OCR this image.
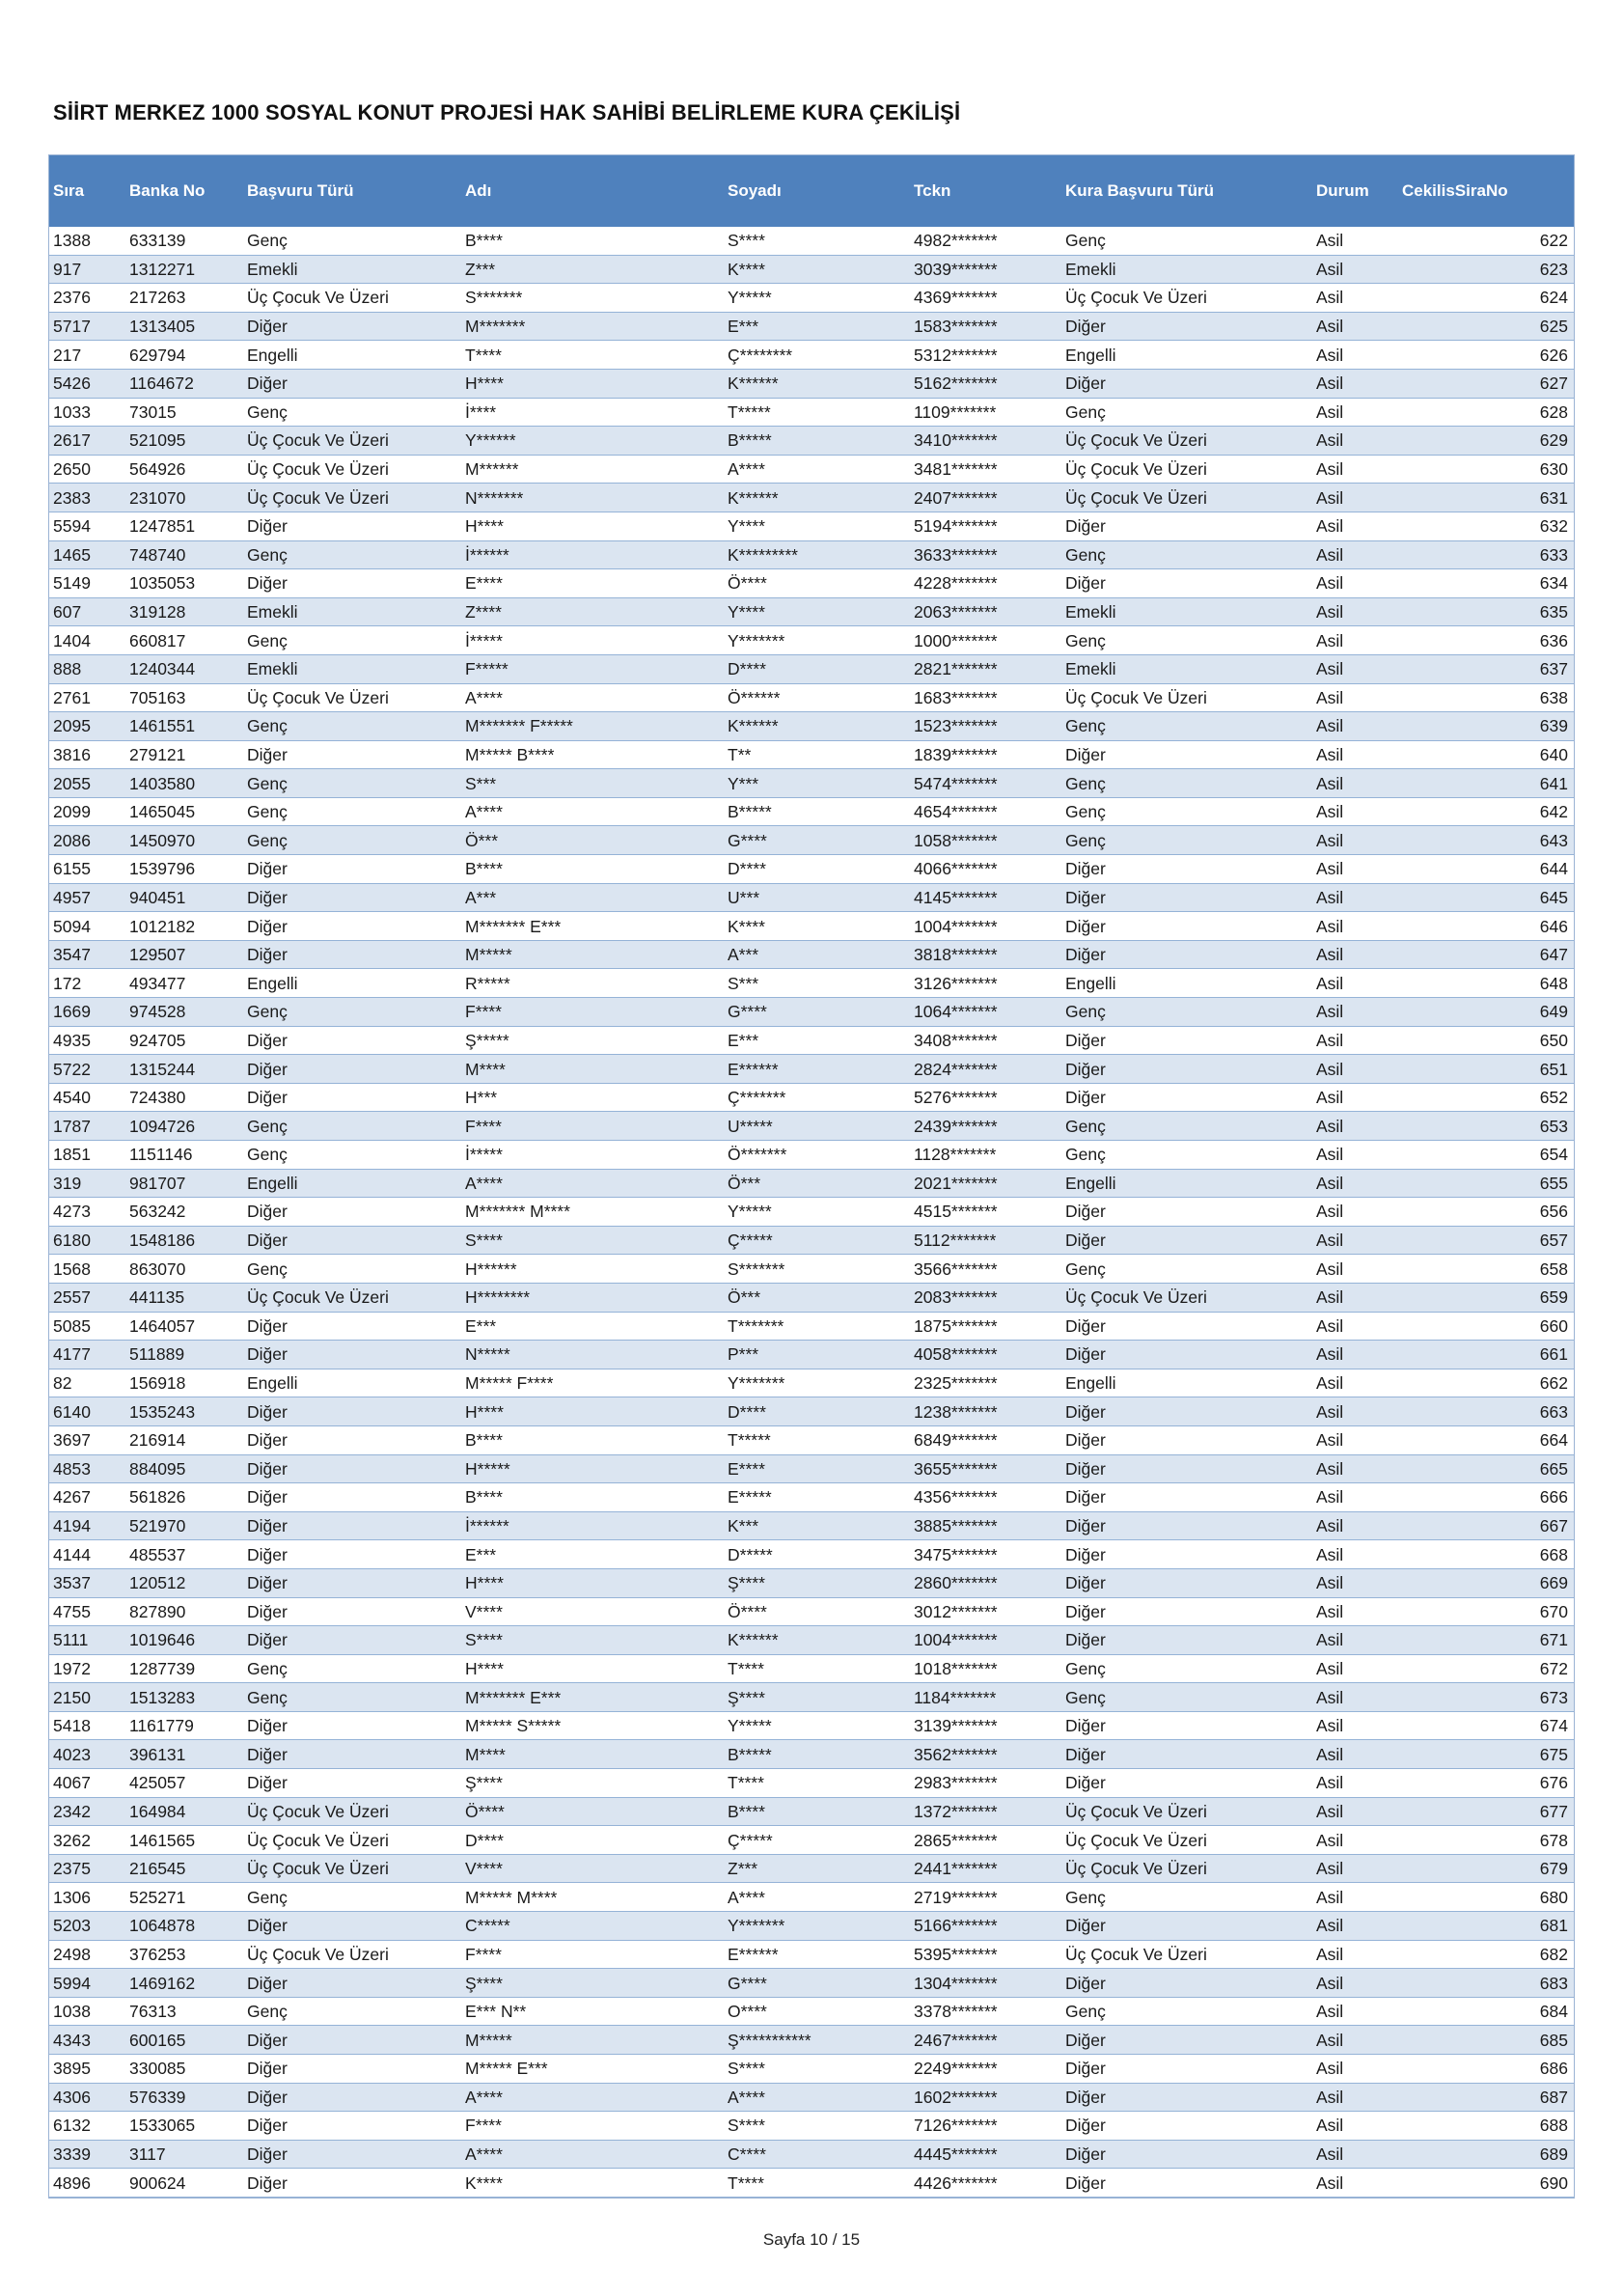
SİİRT MERKEZ 1000 SOSYAL KONUT PROJESİ HAK SAHİBİ BELİRLEME KURA ÇEKİLİŞİ
Sıra	Banka No	Başvuru Türü	Adı	Soyadı	Tckn	Kura Başvuru Türü	Durum	CekilisSiraNo
1388	633139	Genç	B****	S****	4982*******	Genç	Asil	622
917	1312271	Emekli	Z***	K****	3039*******	Emekli	Asil	623
2376	217263	Üç Çocuk Ve Üzeri	S*******	Y*****	4369*******	Üç Çocuk Ve Üzeri	Asil	624
5717	1313405	Diğer	M*******	E***	1583*******	Diğer	Asil	625
217	629794	Engelli	T****	Ç********	5312*******	Engelli	Asil	626
5426	1164672	Diğer	H****	K******	5162*******	Diğer	Asil	627
1033	73015	Genç	İ****	T*****	1109*******	Genç	Asil	628
2617	521095	Üç Çocuk Ve Üzeri	Y******	B*****	3410*******	Üç Çocuk Ve Üzeri	Asil	629
2650	564926	Üç Çocuk Ve Üzeri	M******	A****	3481*******	Üç Çocuk Ve Üzeri	Asil	630
2383	231070	Üç Çocuk Ve Üzeri	N*******	K******	2407*******	Üç Çocuk Ve Üzeri	Asil	631
5594	1247851	Diğer	H****	Y****	5194*******	Diğer	Asil	632
1465	748740	Genç	İ******	K*********	3633*******	Genç	Asil	633
5149	1035053	Diğer	E****	Ö****	4228*******	Diğer	Asil	634
607	319128	Emekli	Z****	Y****	2063*******	Emekli	Asil	635
1404	660817	Genç	İ*****	Y*******	1000*******	Genç	Asil	636
888	1240344	Emekli	F*****	D****	2821*******	Emekli	Asil	637
2761	705163	Üç Çocuk Ve Üzeri	A****	Ö******	1683*******	Üç Çocuk Ve Üzeri	Asil	638
2095	1461551	Genç	M******* F*****	K******	1523*******	Genç	Asil	639
3816	279121	Diğer	M***** B****	T**	1839*******	Diğer	Asil	640
2055	1403580	Genç	S***	Y***	5474*******	Genç	Asil	641
2099	1465045	Genç	A****	B*****	4654*******	Genç	Asil	642
2086	1450970	Genç	Ö***	G****	1058*******	Genç	Asil	643
6155	1539796	Diğer	B****	D****	4066*******	Diğer	Asil	644
4957	940451	Diğer	A***	U***	4145*******	Diğer	Asil	645
5094	1012182	Diğer	M******* E***	K****	1004*******	Diğer	Asil	646
3547	129507	Diğer	M*****	A***	3818*******	Diğer	Asil	647
172	493477	Engelli	R*****	S***	3126*******	Engelli	Asil	648
1669	974528	Genç	F****	G****	1064*******	Genç	Asil	649
4935	924705	Diğer	Ş*****	E***	3408*******	Diğer	Asil	650
5722	1315244	Diğer	M****	E******	2824*******	Diğer	Asil	651
4540	724380	Diğer	H***	Ç*******	5276*******	Diğer	Asil	652
1787	1094726	Genç	F****	U*****	2439*******	Genç	Asil	653
1851	1151146	Genç	İ*****	Ö*******	1128*******	Genç	Asil	654
319	981707	Engelli	A****	Ö***	2021*******	Engelli	Asil	655
4273	563242	Diğer	M******* M****	Y*****	4515*******	Diğer	Asil	656
6180	1548186	Diğer	S****	Ç*****	5112*******	Diğer	Asil	657
1568	863070	Genç	H******	S*******	3566*******	Genç	Asil	658
2557	441135	Üç Çocuk Ve Üzeri	H********	Ö***	2083*******	Üç Çocuk Ve Üzeri	Asil	659
5085	1464057	Diğer	E***	T*******	1875*******	Diğer	Asil	660
4177	511889	Diğer	N*****	P***	4058*******	Diğer	Asil	661
82	156918	Engelli	M***** F****	Y*******	2325*******	Engelli	Asil	662
6140	1535243	Diğer	H****	D****	1238*******	Diğer	Asil	663
3697	216914	Diğer	B****	T*****	6849*******	Diğer	Asil	664
4853	884095	Diğer	H*****	E****	3655*******	Diğer	Asil	665
4267	561826	Diğer	B****	E*****	4356*******	Diğer	Asil	666
4194	521970	Diğer	İ******	K***	3885*******	Diğer	Asil	667
4144	485537	Diğer	E***	D*****	3475*******	Diğer	Asil	668
3537	120512	Diğer	H****	Ş****	2860*******	Diğer	Asil	669
4755	827890	Diğer	V****	Ö****	3012*******	Diğer	Asil	670
5111	1019646	Diğer	S****	K******	1004*******	Diğer	Asil	671
1972	1287739	Genç	H****	T****	1018*******	Genç	Asil	672
2150	1513283	Genç	M******* E***	Ş****	1184*******	Genç	Asil	673
5418	1161779	Diğer	M***** S*****	Y*****	3139*******	Diğer	Asil	674
4023	396131	Diğer	M****	B*****	3562*******	Diğer	Asil	675
4067	425057	Diğer	Ş****	T****	2983*******	Diğer	Asil	676
2342	164984	Üç Çocuk Ve Üzeri	Ö****	B****	1372*******	Üç Çocuk Ve Üzeri	Asil	677
3262	1461565	Üç Çocuk Ve Üzeri	D****	Ç*****	2865*******	Üç Çocuk Ve Üzeri	Asil	678
2375	216545	Üç Çocuk Ve Üzeri	V****	Z***	2441*******	Üç Çocuk Ve Üzeri	Asil	679
1306	525271	Genç	M***** M****	A****	2719*******	Genç	Asil	680
5203	1064878	Diğer	C*****	Y*******	5166*******	Diğer	Asil	681
2498	376253	Üç Çocuk Ve Üzeri	F****	E******	5395*******	Üç Çocuk Ve Üzeri	Asil	682
5994	1469162	Diğer	Ş****	G****	1304*******	Diğer	Asil	683
1038	76313	Genç	E*** N**	O****	3378*******	Genç	Asil	684
4343	600165	Diğer	M*****	Ş***********	2467*******	Diğer	Asil	685
3895	330085	Diğer	M***** E***	S****	2249*******	Diğer	Asil	686
4306	576339	Diğer	A****	A****	1602*******	Diğer	Asil	687
6132	1533065	Diğer	F****	S****	7126*******	Diğer	Asil	688
3339	3117	Diğer	A****	C****	4445*******	Diğer	Asil	689
4896	900624	Diğer	K****	T****	4426*******	Diğer	Asil	690
Sayfa 10 / 15
